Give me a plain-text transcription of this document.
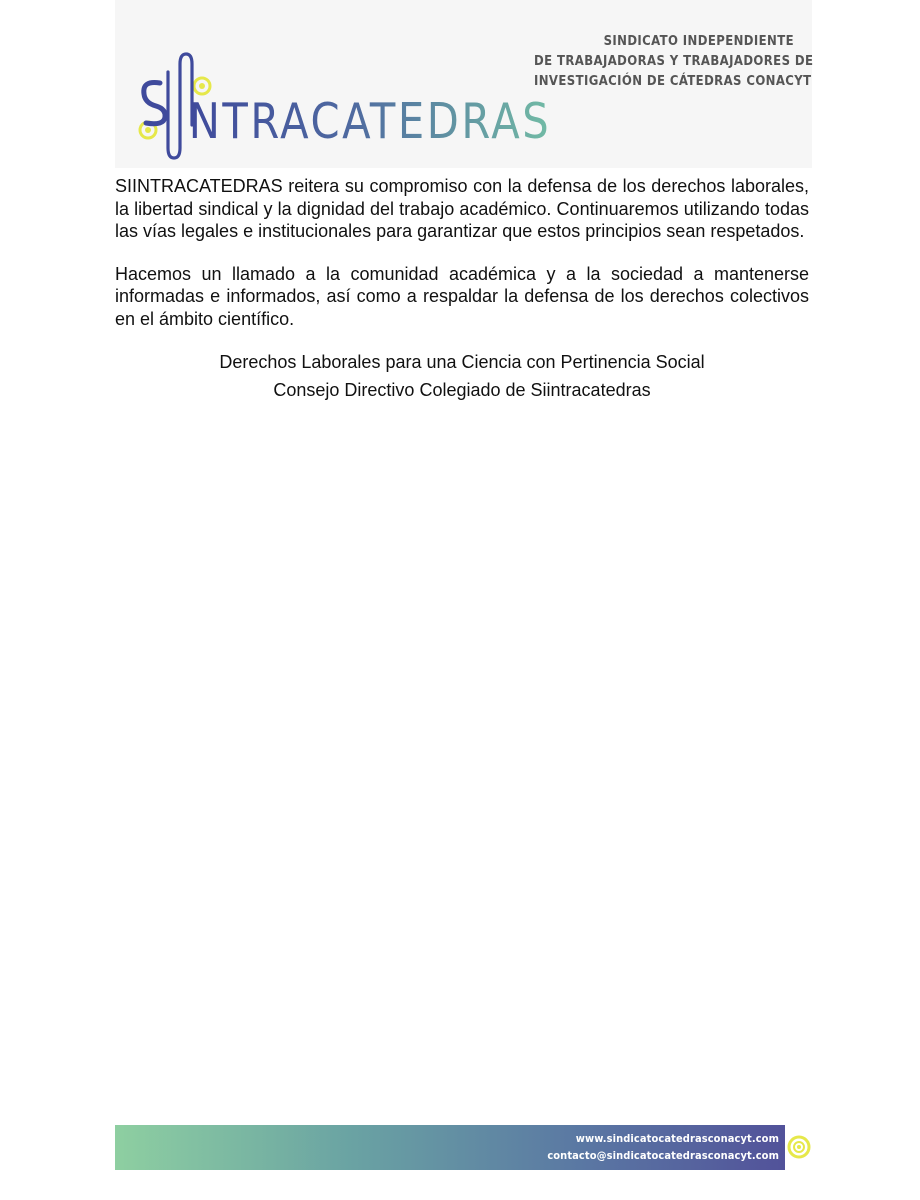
NTRACATEDRAS
SINDICATO INDEPENDIENTE
DE TRABAJADORAS Y TRABAJADORES DE
INVESTIGACIÓN DE CÁTEDRAS CONACYT

SIINTRACATEDRAS reitera su compromiso con la defensa de los derechos laborales, la libertad sindical y la dignidad del trabajo académico. Continuaremos utilizando todas las vías legales e institucionales para garantizar que estos principios sean respetados.

Hacemos un llamado a la comunidad académica y a la sociedad a mantenerse informadas e informados, así como a respaldar la defensa de los derechos colectivos en el ámbito científico.

Derechos Laborales para una Ciencia con Pertinencia Social
Consejo Directivo Colegiado de Siintracatedras
www.sindicatocatedrasconacyt.com
contacto@sindicatocatedrasconacyt.com
